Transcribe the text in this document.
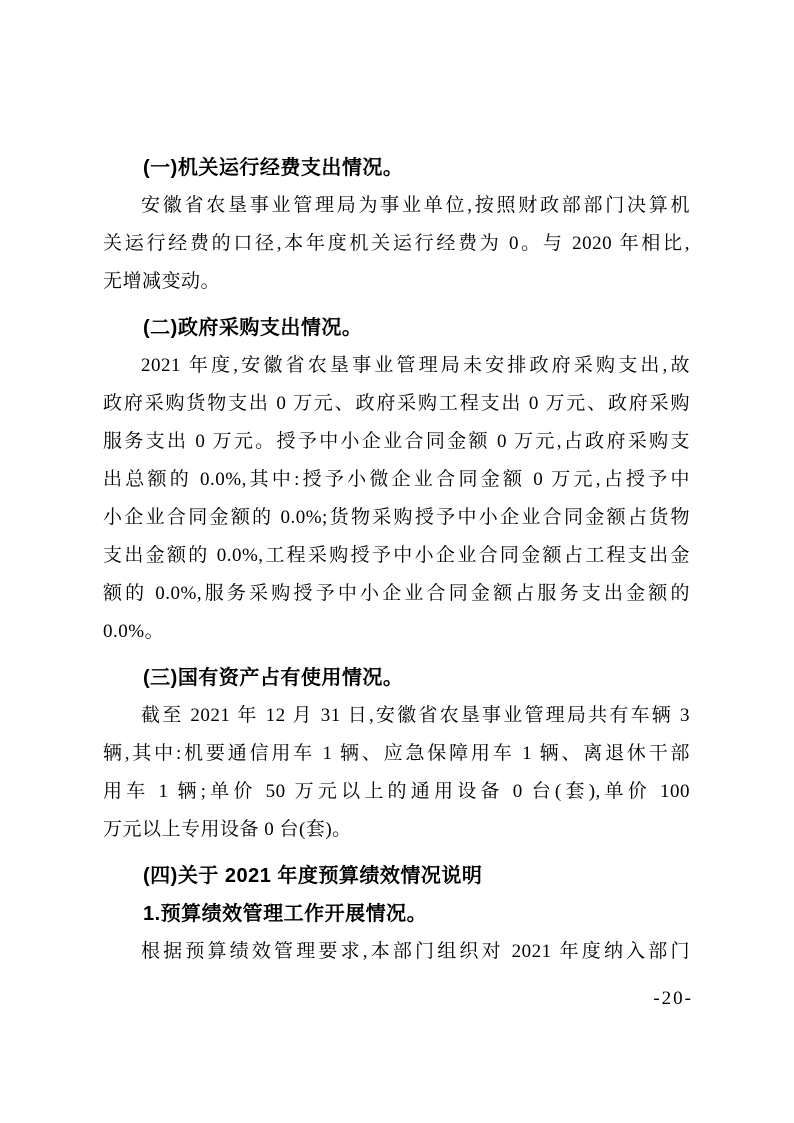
(一)机关运行经费支出情况。
安徽省农垦事业管理局为事业单位,按照财政部部门决算机
关运行经费的口径,本年度机关运行经费为 0。与 2020 年相比,
无增减变动。
(二)政府采购支出情况。
2021 年度,安徽省农垦事业管理局未安排政府采购支出,故
政府采购货物支出 0 万元、政府采购工程支出 0 万元、政府采购
服务支出 0 万元。授予中小企业合同金额 0 万元,占政府采购支
出总额的 0.0%,其中:授予小微企业合同金额 0 万元,占授予中
小企业合同金额的 0.0%;货物采购授予中小企业合同金额占货物
支出金额的 0.0%,工程采购授予中小企业合同金额占工程支出金
额的 0.0%,服务采购授予中小企业合同金额占服务支出金额的
0.0%。
(三)国有资产占有使用情况。
截至 2021 年 12 月 31 日,安徽省农垦事业管理局共有车辆 3
辆,其中:机要通信用车 1 辆、应急保障用车 1 辆、离退休干部
用车 1 辆;单价 50 万元以上的通用设备 0 台(套),单价 100
万元以上专用设备 0 台(套)。
(四)关于 2021 年度预算绩效情况说明
1.预算绩效管理工作开展情况。
根据预算绩效管理要求,本部门组织对 2021 年度纳入部门
-20-
